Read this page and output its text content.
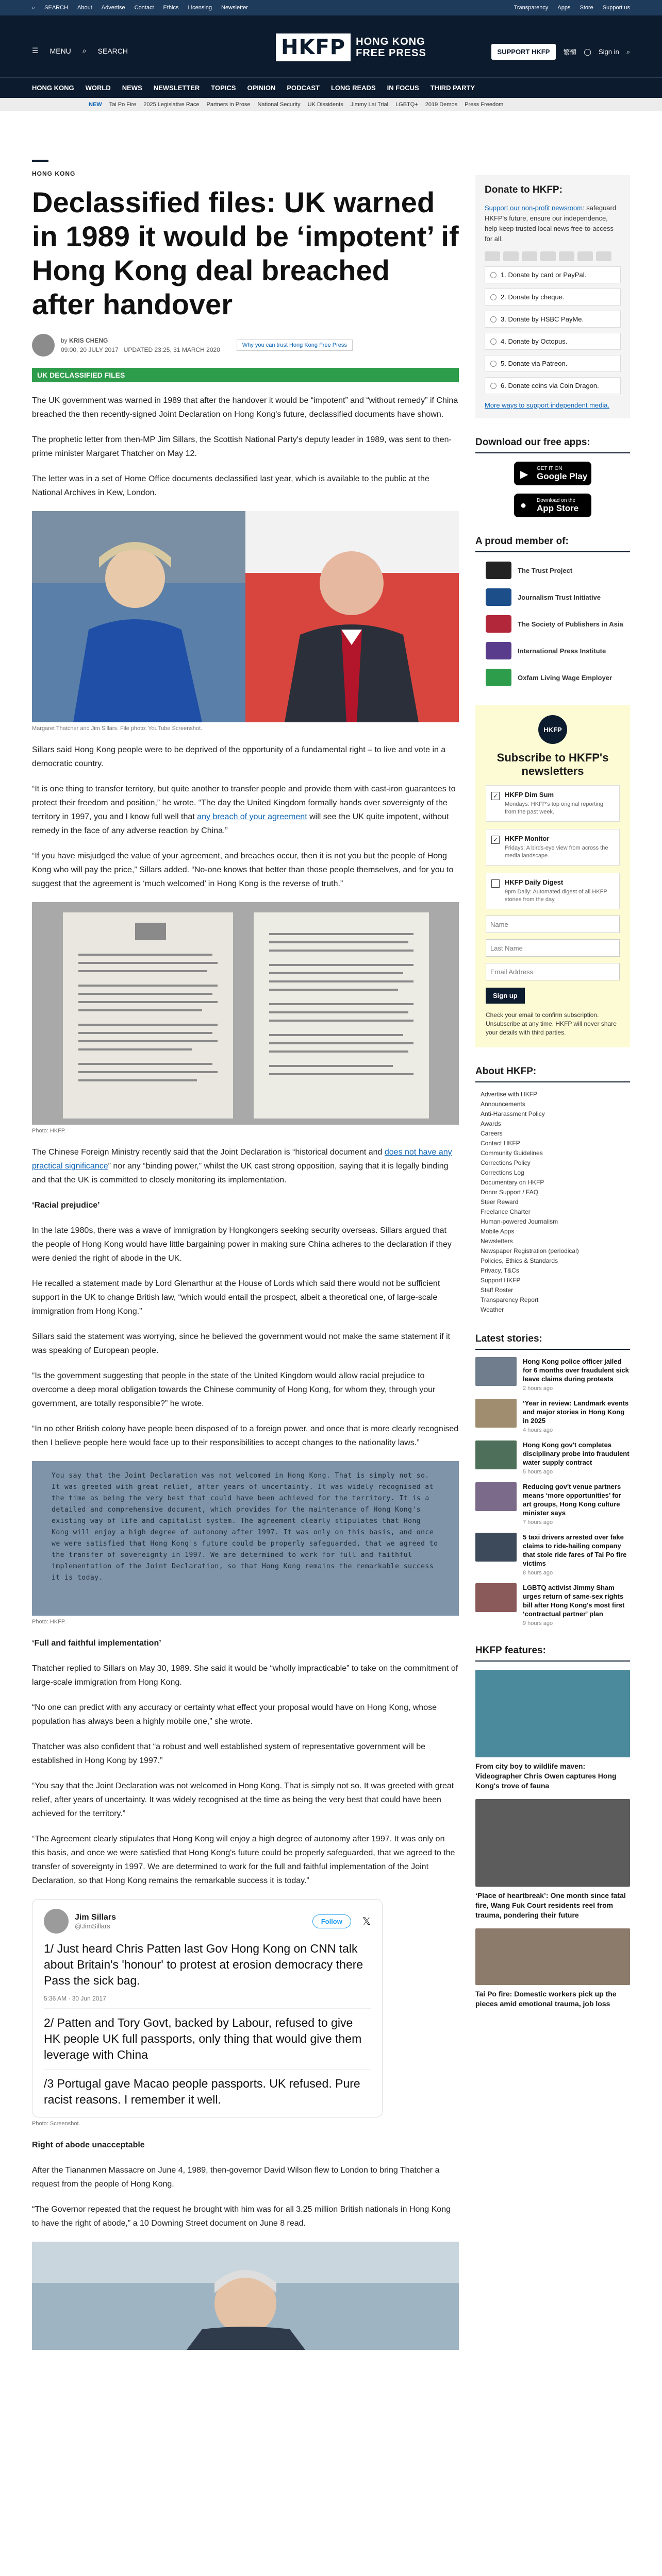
⌕ SEARCH About Advertise Contact Ethics Licensing Newsletter	Transparency Apps Store Support us
☰ MENU ⌕ SEARCH	HKFP	HONG KONG
FREE PRESS	SUPPORT HKFP	繁體 ◯ Sign in ⌕
HONG KONG WORLD NEWS NEWSLETTER TOPICS OPINION PODCAST LONG READS IN FOCUS THIRD PARTY
NEW Tai Po Fire 2025 Legislative Race Partners in Prose National Security UK Dissidents Jimmy Lai Trial LGBTQ+ 2019 Demos Press Freedom
HONG KONG
Declassified files: UK warned in 1989 it would be ‘impotent’ if Hong Kong deal breached after handover
by KRIS CHENG
09:00, 20 JULY 2017 UPDATED 23:25, 31 MARCH 2020
Why you can trust Hong Kong Free Press
UK DECLASSIFIED FILES

The UK government was warned in 1989 that after the handover it would be “impotent” and “without remedy” if China breached the then recently-signed Joint Declaration on Hong Kong's future, declassified documents have shown.

The prophetic letter from then-MP Jim Sillars, the Scottish National Party's deputy leader in 1989, was sent to then-prime minister Margaret Thatcher on May 12.

The letter was in a set of Home Office documents declassified last year, which is available to the public at the National Archives in Kew, London.

Margaret Thatcher and Jim Sillars. File photo: YouTube Screenshot.

Sillars said Hong Kong people were to be deprived of the opportunity of a fundamental right – to live and vote in a democratic country.

“It is one thing to transfer territory, but quite another to transfer people and provide them with cast-iron guarantees to protect their freedom and position,” he wrote. “The day the United Kingdom formally hands over sovereignty of the territory in 1997, you and I know full well that any breach of your agreement will see the UK quite impotent, without remedy in the face of any adverse reaction by China.”

“If you have misjudged the value of your agreement, and breaches occur, then it is not you but the people of Hong Kong who will pay the price,” Sillars added. “No-one knows that better than those people themselves, and for you to suggest that the agreement is ‘much welcomed’ in Hong Kong is the reverse of truth.”

Photo: HKFP.

The Chinese Foreign Ministry recently said that the Joint Declaration is “historical document and does not have any practical significance” nor any “binding power,” whilst the UK cast strong opposition, saying that it is legally binding and that the UK is committed to closely monitoring its implementation.

‘Racial prejudice’

In the late 1980s, there was a wave of immigration by Hongkongers seeking security overseas. Sillars argued that the people of Hong Kong would have little bargaining power in making sure China adheres to the declaration if they were denied the right of abode in the UK.

He recalled a statement made by Lord Glenarthur at the House of Lords which said there would not be sufficient support in the UK to change British law, “which would entail the prospect, albeit a theoretical one, of large-scale immigration from Hong Kong.”

Sillars said the statement was worrying, since he believed the government would not make the same statement if it was speaking of European people.

“Is the government suggesting that people in the state of the United Kingdom would allow racial prejudice to overcome a deep moral obligation towards the Chinese community of Hong Kong, for whom they, through your government, are totally responsible?” he wrote.

“In no other British colony have people been disposed of to a foreign power, and once that is more clearly recognised then I believe people here would face up to their responsibilities to accept changes to the nationality laws.”

You say that the Joint Declaration was not welcomed in Hong Kong. That is simply not so. It was greeted with great relief, after years of uncertainty. It was widely recognised at the time as being the very best that could have been achieved for the territory. It is a detailed and comprehensive document, which provides for the maintenance of Hong Kong's existing way of life and capitalist system. The agreement clearly stipulates that Hong Kong will enjoy a high degree of autonomy after 1997. It was only on this basis, and once we were satisfied that Hong Kong's future could be properly safeguarded, that we agreed to the transfer of sovereignty in 1997. We are determined to work for full and faithful implementation of the Joint Declaration, so that Hong Kong remains the remarkable success it is today.
Photo: HKFP.

‘Full and faithful implementation’

Thatcher replied to Sillars on May 30, 1989. She said it would be “wholly impracticable” to take on the commitment of large-scale immigration from Hong Kong.

“No one can predict with any accuracy or certainty what effect your proposal would have on Hong Kong, whose population has always been a highly mobile one,” she wrote.

Thatcher was also confident that “a robust and well established system of representative government will be established in Hong Kong by 1997.”

“You say that the Joint Declaration was not welcomed in Hong Kong. That is simply not so. It was greeted with great relief, after years of uncertainty. It was widely recognised at the time as being the very best that could have been achieved for the territory.”

“The Agreement clearly stipulates that Hong Kong will enjoy a high degree of autonomy after 1997. It was only on this basis, and once we were satisfied that Hong Kong's future could be properly safeguarded, that we agreed to the transfer of sovereignty in 1997. We are determined to work for the full and faithful implementation of the Joint Declaration, so that Hong Kong remains the remarkable success it is today.”

Jim Sillars
@JimSillars
Follow	𝕏
1/ Just heard Chris Patten last Gov Hong Kong on CNN talk about Britain's 'honour' to protest at erosion democracy there Pass the sick bag.
5:36 AM · 30 Jun 2017
2/ Patten and Tory Govt, backed by Labour, refused to give HK people UK full passports, only thing that would give them leverage with China
/3 Portugal gave Macao people passports. UK refused. Pure racist reasons. I remember it well.
Photo: Screenshot.

Right of abode unacceptable

After the Tiananmen Massacre on June 4, 1989, then-governor David Wilson flew to London to bring Thatcher a request from the people of Hong Kong.

“The Governor repeated that the request he brought with him was for all 3.25 million British nationals in Hong Kong to have the right of abode,” a 10 Downing Street document on June 8 read.

Donate to HKFP:
Support our non-profit newsroom: safeguard HKFP's future, ensure our independence, help keep trusted local news free-to-access for all.
1. Donate by card or PayPal.
2. Donate by cheque.
3. Donate by HSBC PayMe.
4. Donate by Octopus.
5. Donate via Patreon.
6. Donate coins via Coin Dragon.
More ways to support independent media.
Download our free apps:
▶
GET IT ON
Google Play
● Download on the
App Store
A proud member of:
The Trust Project
Journalism Trust Initiative
The Society of Publishers in Asia
International Press Institute
Oxfam Living Wage Employer
HKFP
Subscribe to HKFP's newsletters
✓ HKFP Dim Sum
Mondays: HKFP's top original reporting from the past week.
✓ HKFP Monitor
Fridays: A birds-eye view from across the media landscape.
HKFP Daily Digest
9pm Daily: Automated digest of all HKFP stories from the day.
Name Last Name Email Address
Sign up
Check your email to confirm subscription. Unsubscribe at any time. HKFP will never share your details with third parties.
About HKFP:
Advertise with HKFP
Announcements
Anti-Harassment Policy
Awards
Careers
Contact HKFP
Community Guidelines
Corrections Policy
Corrections Log
Documentary on HKFP
Donor Support / FAQ
Steer Reward
Freelance Charter
Human-powered Journalism
Mobile Apps
Newsletters
Newspaper Registration (periodical)
Policies, Ethics & Standards
Privacy, T&Cs
Support HKFP
Staff Roster
Transparency Report
Weather
Latest stories:
Hong Kong police officer jailed for 6 months over fraudulent sick leave claims during protests
2 hours ago
‘Year in review: Landmark events and major stories in Hong Kong in 2025
4 hours ago
Hong Kong gov't completes disciplinary probe into fraudulent water supply contract
5 hours ago
Reducing gov't venue partners means ‘more opportunities’ for art groups, Hong Kong culture minister says
7 hours ago
5 taxi drivers arrested over fake claims to ride-hailing company that stole ride fares of Tai Po fire victims
8 hours ago
LGBTQ activist Jimmy Sham urges return of same-sex rights bill after Hong Kong's most first ‘contractual partner’ plan
9 hours ago
HKFP features:
From city boy to wildlife maven: Videographer Chris Owen captures Hong Kong's trove of fauna
‘Place of heartbreak’: One month since fatal fire, Wang Fuk Court residents reel from trauma, pondering their future
Tai Po fire: Domestic workers pick up the pieces amid emotional trauma, job loss
